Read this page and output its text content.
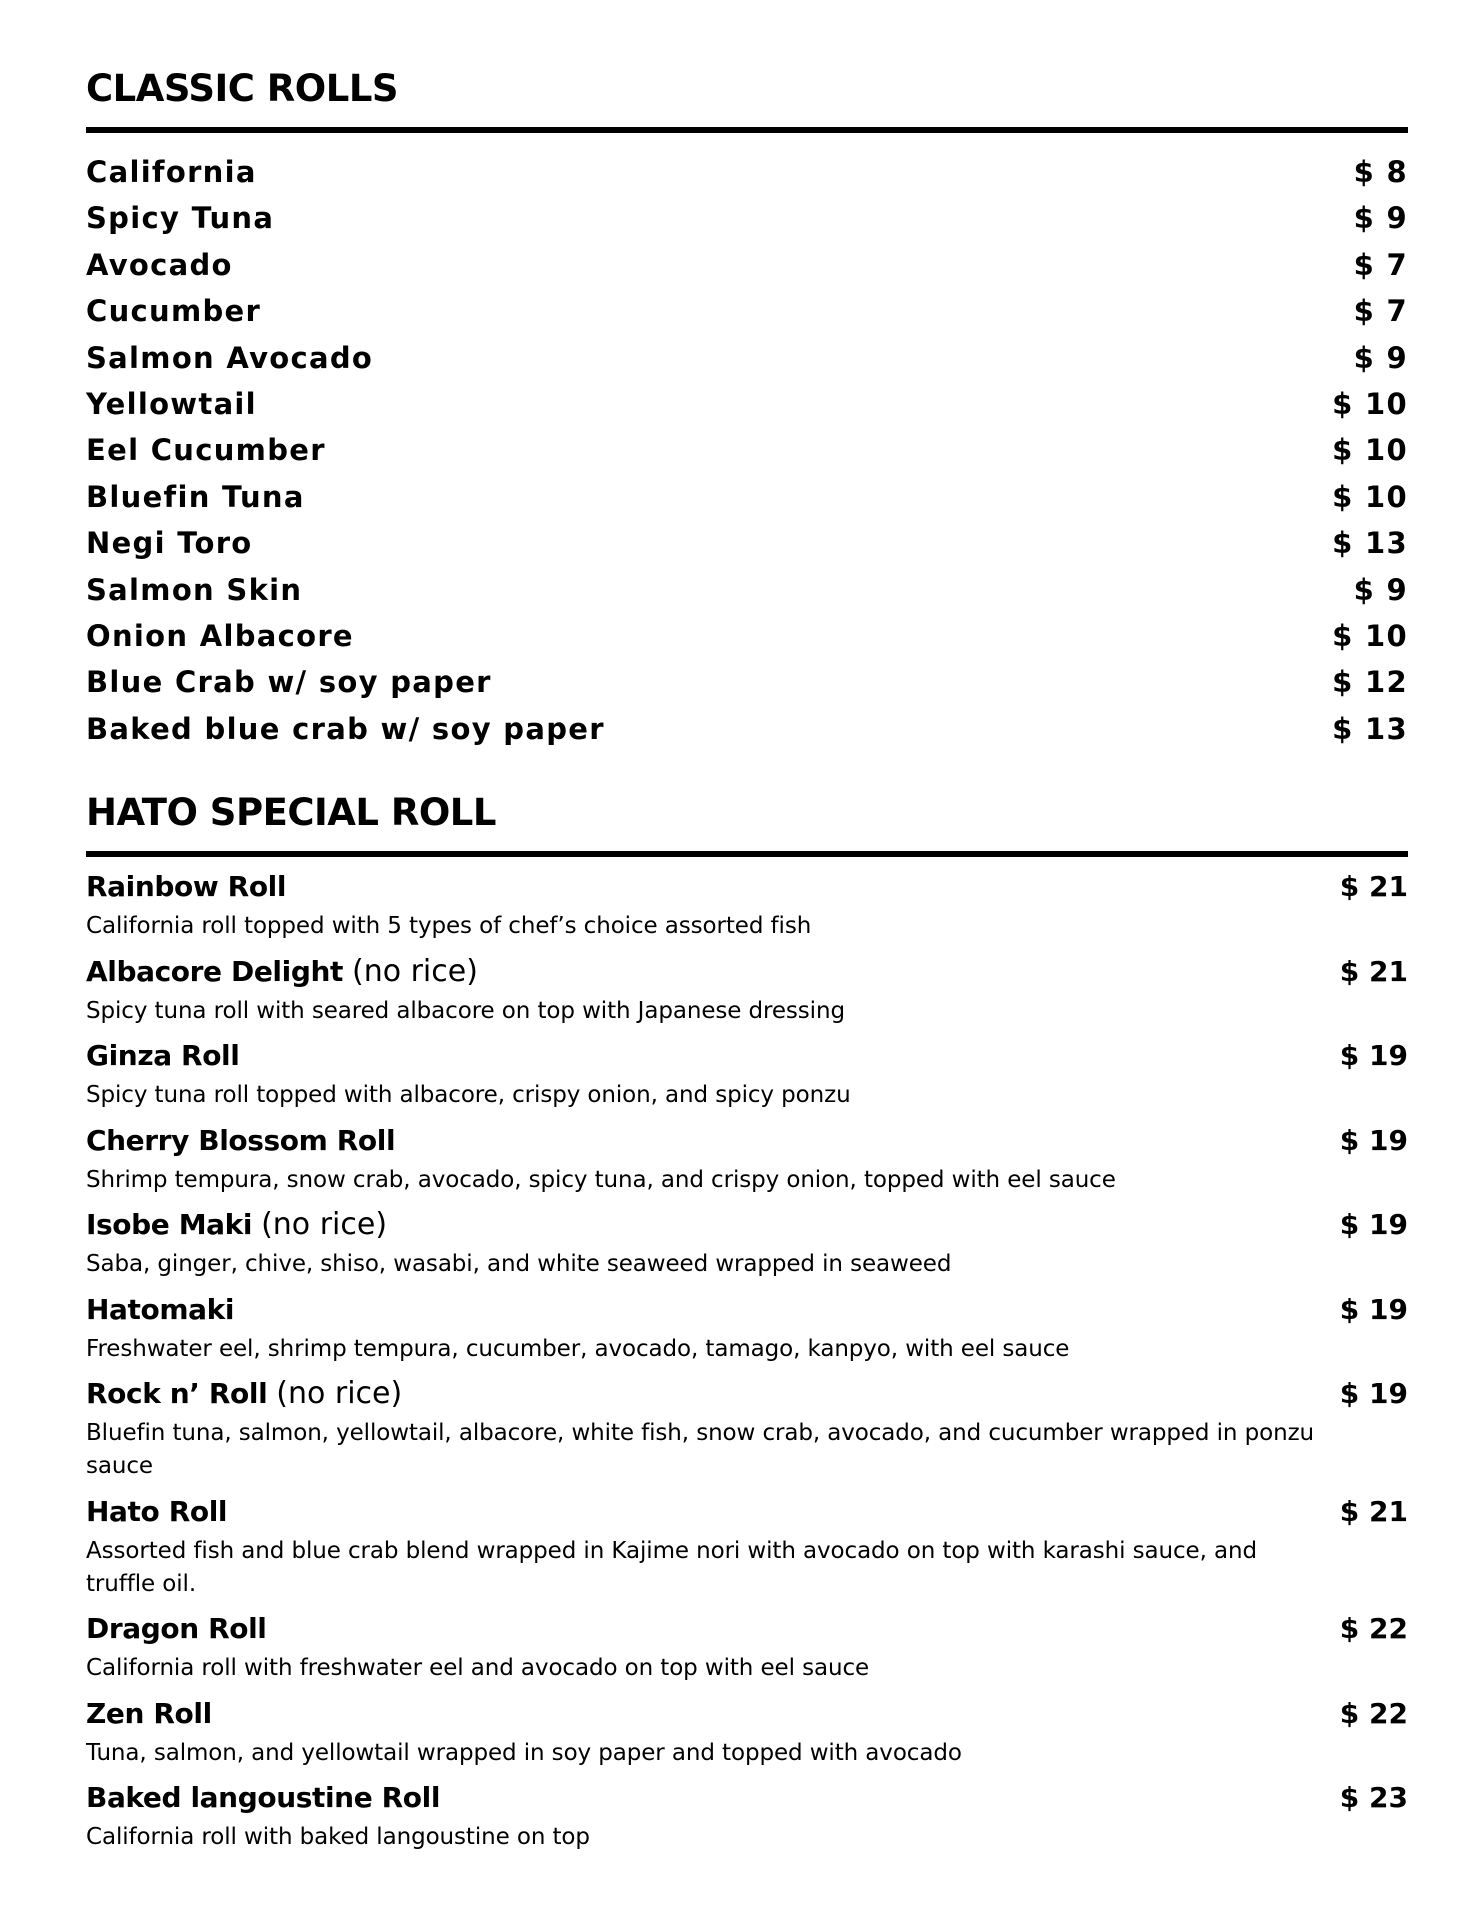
CLASSIC ROLLS
California	$ 8
Spicy Tuna	$ 9
Avocado	$ 7
Cucumber	$ 7
Salmon Avocado	$ 9
Yellowtail	$ 10
Eel Cucumber	$ 10
Bluefin Tuna	$ 10
Negi Toro	$ 13
Salmon Skin	$ 9
Onion Albacore	$ 10
Blue Crab w/ soy paper	$ 12
Baked blue crab w/ soy paper	$ 13
HATO SPECIAL ROLL
Rainbow Roll	$ 21
California roll topped with 5 types of chef’s choice assorted fish
Albacore Delight (no rice)	$ 21
Spicy tuna roll with seared albacore on top with Japanese dressing
Ginza Roll	$ 19
Spicy tuna roll topped with albacore, crispy onion, and spicy ponzu
Cherry Blossom Roll	$ 19
Shrimp tempura, snow crab, avocado, spicy tuna, and crispy onion, topped with eel sauce
Isobe Maki (no rice)	$ 19
Saba, ginger, chive, shiso, wasabi, and white seaweed wrapped in seaweed
Hatomaki	$ 19
Freshwater eel, shrimp tempura, cucumber, avocado, tamago, kanpyo, with eel sauce
Rock n’ Roll (no rice)	$ 19
Bluefin tuna, salmon, yellowtail, albacore, white fish, snow crab, avocado, and cucumber wrapped in ponzu sauce
Hato Roll	$ 21
Assorted fish and blue crab blend wrapped in Kajime nori with avocado on top with karashi sauce, and truffle oil.
Dragon Roll	$ 22
California roll with freshwater eel and avocado on top with eel sauce
Zen Roll	$ 22
Tuna, salmon, and yellowtail wrapped in soy paper and topped with avocado
Baked langoustine Roll	$ 23
California roll with baked langoustine on top
